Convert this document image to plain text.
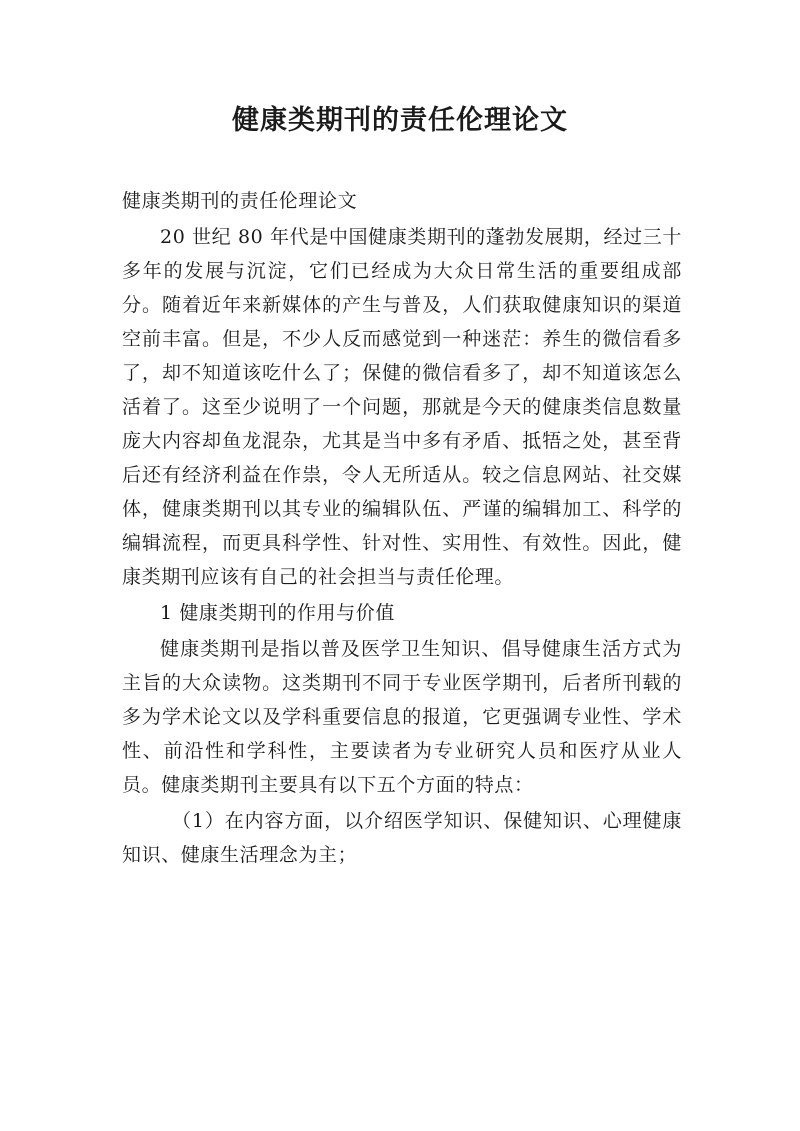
健康类期刊的责任伦理论文

健康类期刊的责任伦理论文

20 世纪 80 年代是中国健康类期刊的蓬勃发展期，经过三十多年的发展与沉淀，它们已经成为大众日常生活的重要组成部分。随着近年来新媒体的产生与普及，人们获取健康知识的渠道空前丰富。但是，不少人反而感觉到一种迷茫：养生的微信看多了，却不知道该吃什么了；保健的微信看多了，却不知道该怎么活着了。这至少说明了一个问题，那就是今天的健康类信息数量庞大内容却鱼龙混杂，尤其是当中多有矛盾、抵牾之处，甚至背后还有经济利益在作祟，令人无所适从。较之信息网站、社交媒体，健康类期刊以其专业的编辑队伍、严谨的编辑加工、科学的编辑流程，而更具科学性、针对性、实用性、有效性。因此，健康类期刊应该有自己的社会担当与责任伦理。

1 健康类期刊的作用与价值

健康类期刊是指以普及医学卫生知识、倡导健康生活方式为主旨的大众读物。这类期刊不同于专业医学期刊，后者所刊载的多为学术论文以及学科重要信息的报道，它更强调专业性、学术性、前沿性和学科性，主要读者为专业研究人员和医疗从业人员。健康类期刊主要具有以下五个方面的特点：

（1）在内容方面，以介绍医学知识、保健知识、心理健康知识、健康生活理念为主；
